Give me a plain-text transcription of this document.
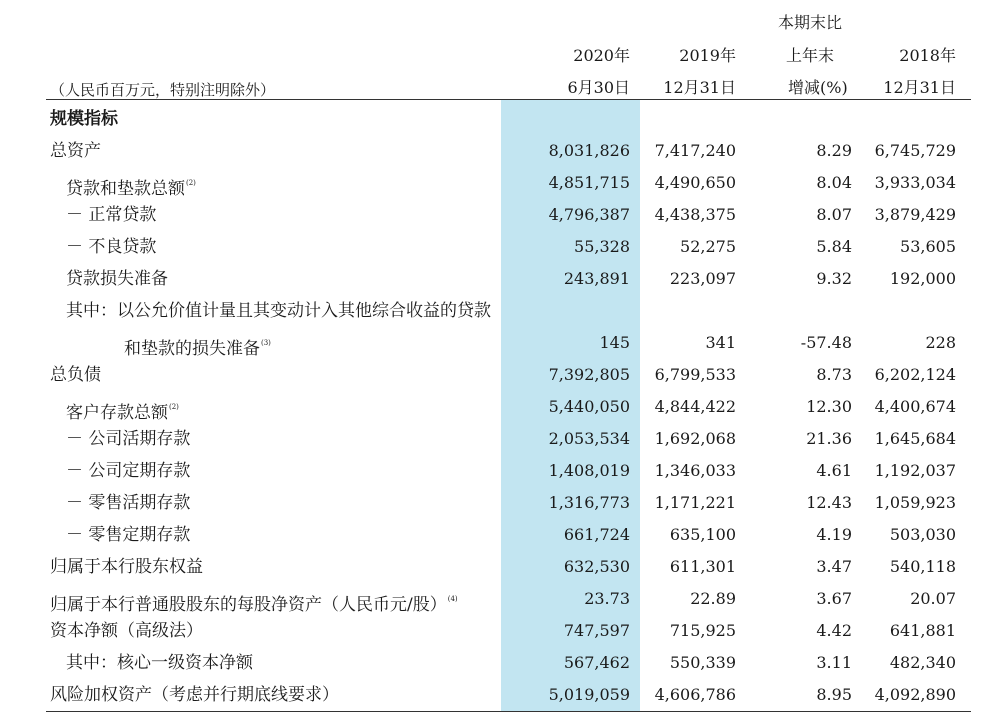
本期末比
2020年	2019年	上年末	2018年
（人民币百万元，特别注明除外）	6月30日 12月31日	增减(%) 12月31日
规模指标
总资产	8,031,826 7,417,240	8.29 6,745,729
贷款和垫款总额$^{(2)}$	4,851,715 4,490,650	8.04 3,933,034
－ 正常贷款	4,796,387 4,438,375	8.07 3,879,429
－ 不良贷款	55,328	52,275	5.84	53,605
贷款损失准备	243,891 223,097	9.32 192,000
其中：以公允价值计量且其变动计入其他综合收益的贷款
和垫款的损失准备$^{(3)}$	145	341	-57.48	228
总负债	7,392,805 6,799,533	8.73 6,202,124
客户存款总额$^{(2)}$	5,440,050 4,844,422	12.30 4,400,674
－ 公司活期存款	2,053,534 1,692,068	21.36 1,645,684
－ 公司定期存款	1,408,019 1,346,033	4.61 1,192,037
－ 零售活期存款	1,316,773 1,171,221	12.43 1,059,923
－ 零售定期存款	661,724 635,100	4.19 503,030
归属于本行股东权益	632,530 611,301	3.47 540,118
归属于本行普通股股东的每股净资产（人民币元/股）$^{(4)}$	23.73	22.89	3.67	20.07
资本净额（高级法）	747,597 715,925	4.42 641,881
其中：核心一级资本净额	567,462 550,339	3.11 482,340
风险加权资产（考虑并行期底线要求）	5,019,059 4,606,786	8.95 4,092,890
